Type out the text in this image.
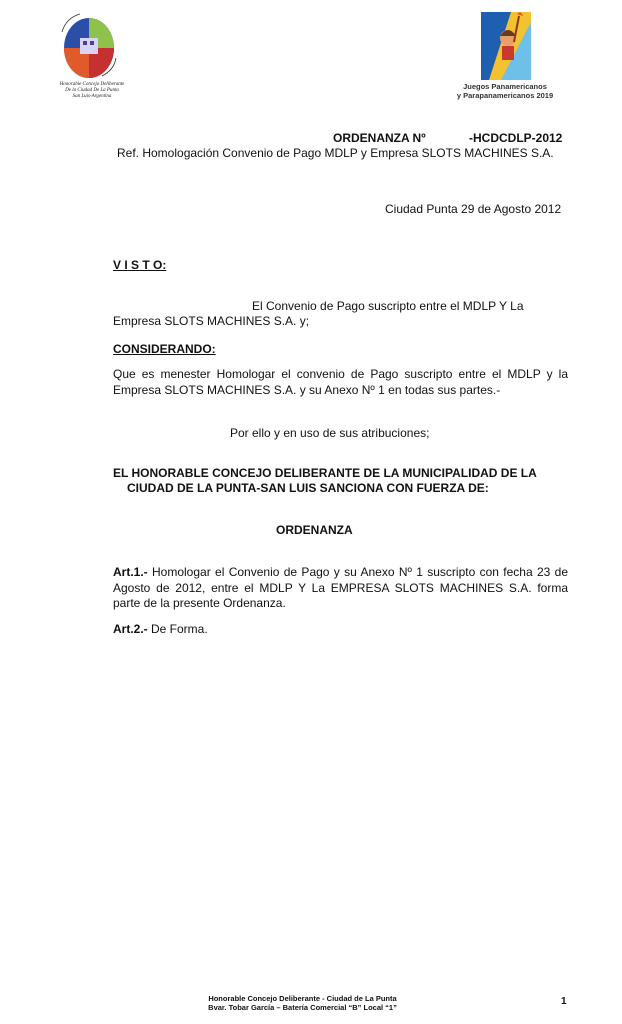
Honorable Concejo Deliberante
De la Ciudad De La Punta
San Luis-Argentina
Juegos Panamericanos
y Parapanamericanos 2019
ORDENANZA Nº	-HCDCDLP-2012
Ref. Homologación Convenio de Pago MDLP y Empresa SLOTS MACHINES S.A.
Ciudad Punta 29 de Agosto 2012
V I S T O:
El Convenio de Pago suscripto entre el MDLP Y La
Empresa SLOTS MACHINES S.A. y;
CONSIDERANDO:
Que es menester Homologar el convenio de Pago suscripto entre el MDLP y la Empresa SLOTS MACHINES S.A. y su Anexo Nº 1 en todas sus partes.-
Por ello y en uso de sus atribuciones;
EL HONORABLE CONCEJO DELIBERANTE DE LA MUNICIPALIDAD DE LA
CIUDAD DE LA PUNTA-SAN LUIS SANCIONA CON FUERZA DE:
ORDENANZA
Art.1.- Homologar el Convenio de Pago y su Anexo Nº 1 suscripto con fecha 23 de Agosto de 2012, entre el MDLP Y La EMPRESA SLOTS MACHINES S.A. forma parte de la presente Ordenanza.
Art.2.- De Forma.
Honorable Concejo Deliberante - Ciudad de La Punta
Bvar. Tobar García – Batería Comercial “B” Local “1”
1
